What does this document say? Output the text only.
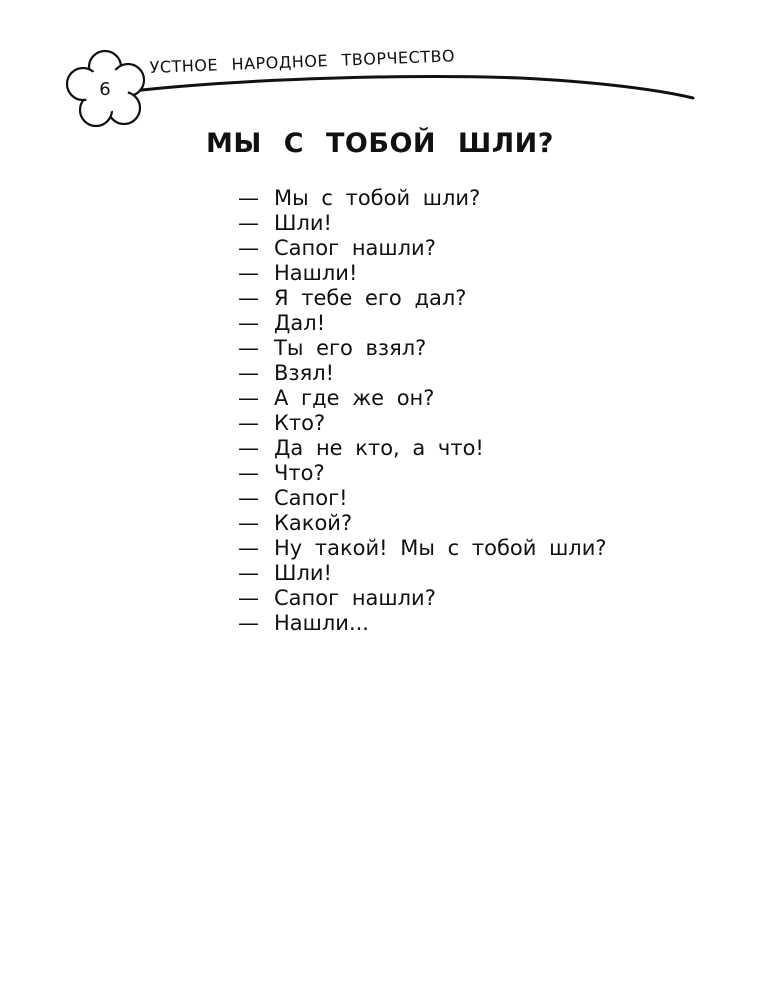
6
УСТНОЕ НАРОДНОЕ ТВОРЧЕСТВО
МЫ С ТОБОЙ ШЛИ?
— Мы с тобой шли?
— Шли!
— Сапог нашли?
— Нашли!
— Я тебе его дал?
— Дал!
— Ты его взял?
— Взял!
— А где же он?
— Кто?
— Да не кто, а что!
— Что?
— Сапог!
— Какой?
— Ну такой! Мы с тобой шли?
— Шли!
— Сапог нашли?
— Нашли...
